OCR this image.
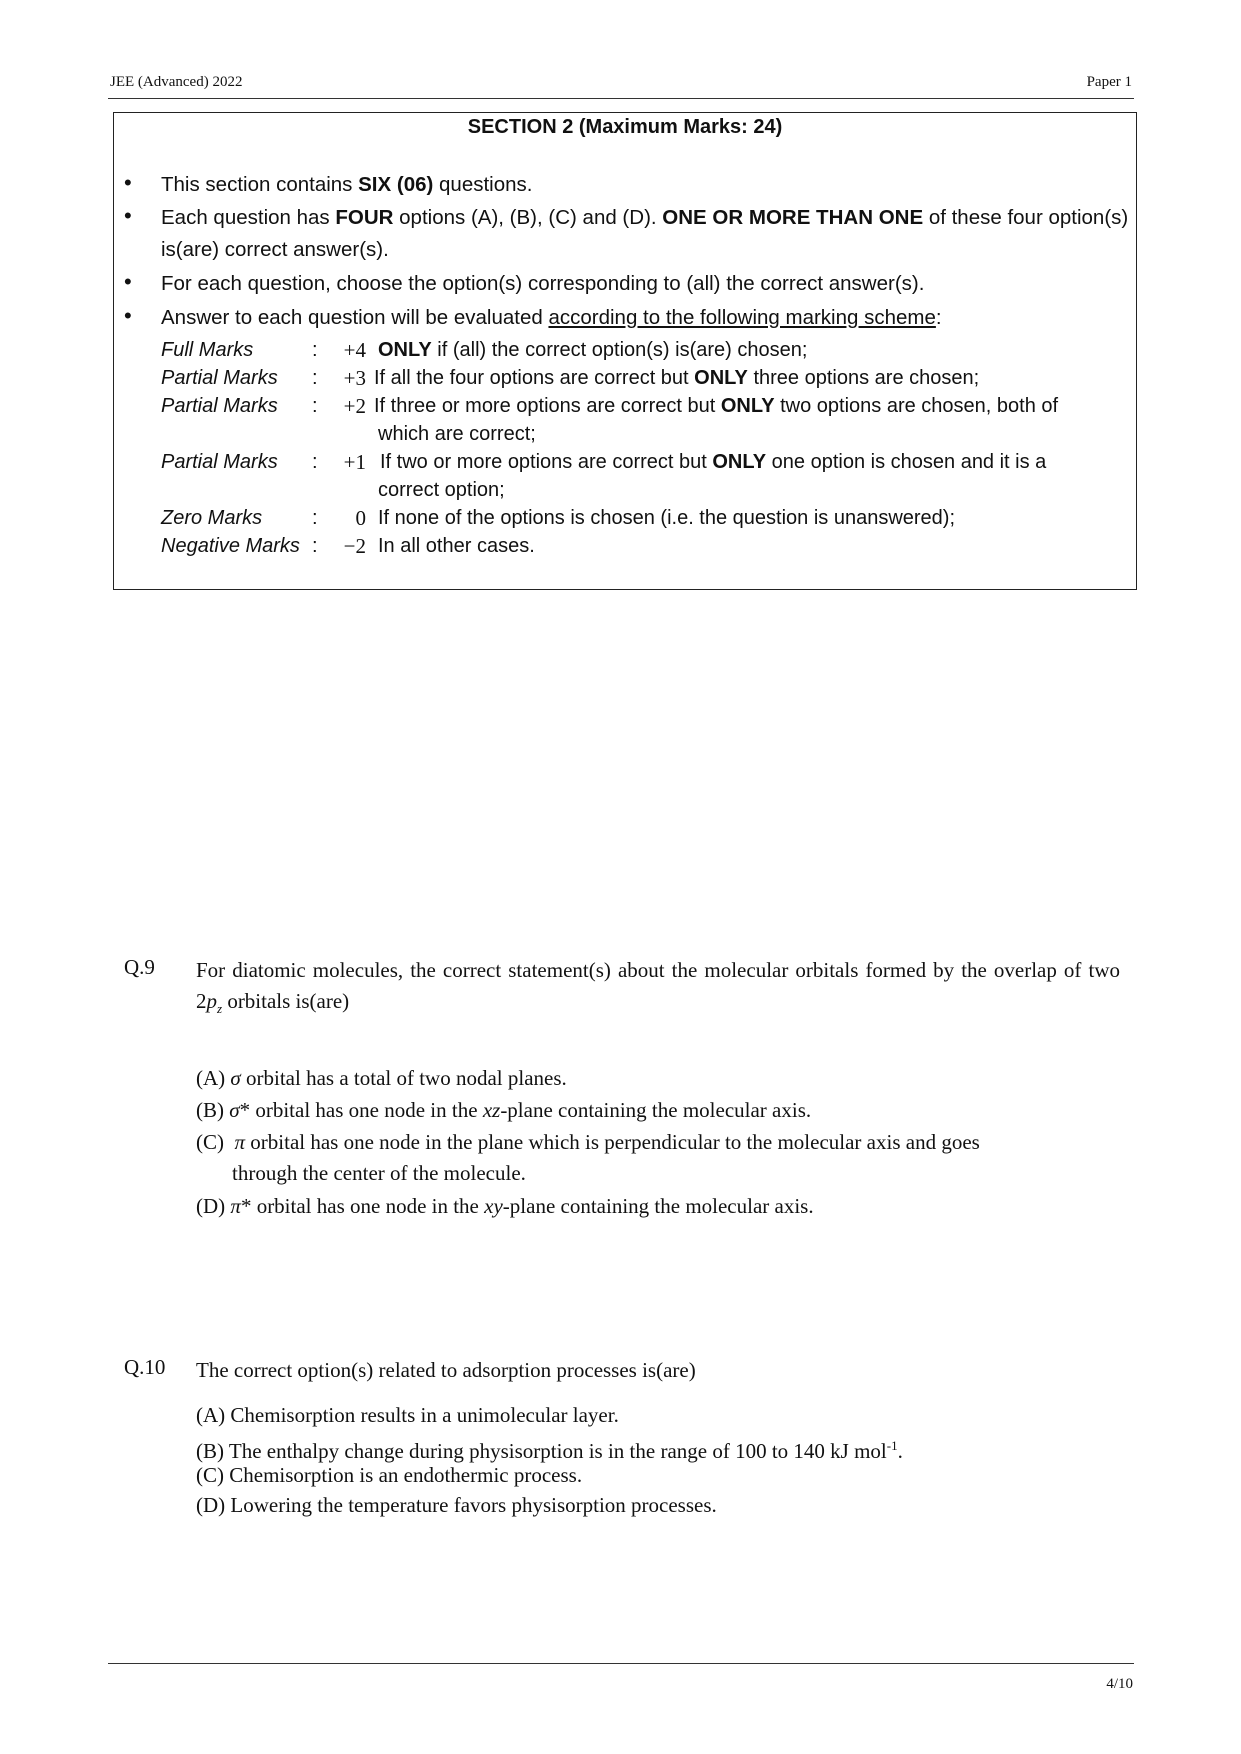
JEE (Advanced) 2022	Paper 1
SECTION 2 (Maximum Marks: 24)
• This section contains SIX (06) questions.
• Each question has FOUR options (A), (B), (C) and (D). ONE OR MORE THAN ONE of these four option(s) is(are) correct answer(s).
• For each question, choose the option(s) corresponding to (all) the correct answer(s).
• Answer to each question will be evaluated according to the following marking scheme:
Full Marks	:	+4 ONLY if (all) the correct option(s) is(are) chosen;
Partial Marks :	+3 If all the four options are correct but ONLY three options are chosen;
Partial Marks :	+2 If three or more options are correct but ONLY two options are chosen, both of
which are correct;
Partial Marks :	+1 If two or more options are correct but ONLY one option is chosen and it is a
correct option;
Zero Marks :	0 If none of the options is chosen (i.e. the question is unanswered);
Negative Marks :	−2 In all other cases.
Q.9 For diatomic molecules, the correct statement(s) about the molecular orbitals formed by the overlap of two $2p_z$ orbitals is(are)
(A) σ orbital has a total of two nodal planes.
(B) σ* orbital has one node in the xz-plane containing the molecular axis.
(C) π orbital has one node in the plane which is perpendicular to the molecular axis and goes
through the center of the molecule.
(D) π* orbital has one node in the xy-plane containing the molecular axis.
Q.10 The correct option(s) related to adsorption processes is(are)
(A) Chemisorption results in a unimolecular layer.
(B) The enthalpy change during physisorption is in the range of 100 to 140 kJ mol$^{-1}$.
(C) Chemisorption is an endothermic process.
(D) Lowering the temperature favors physisorption processes.
4/10
